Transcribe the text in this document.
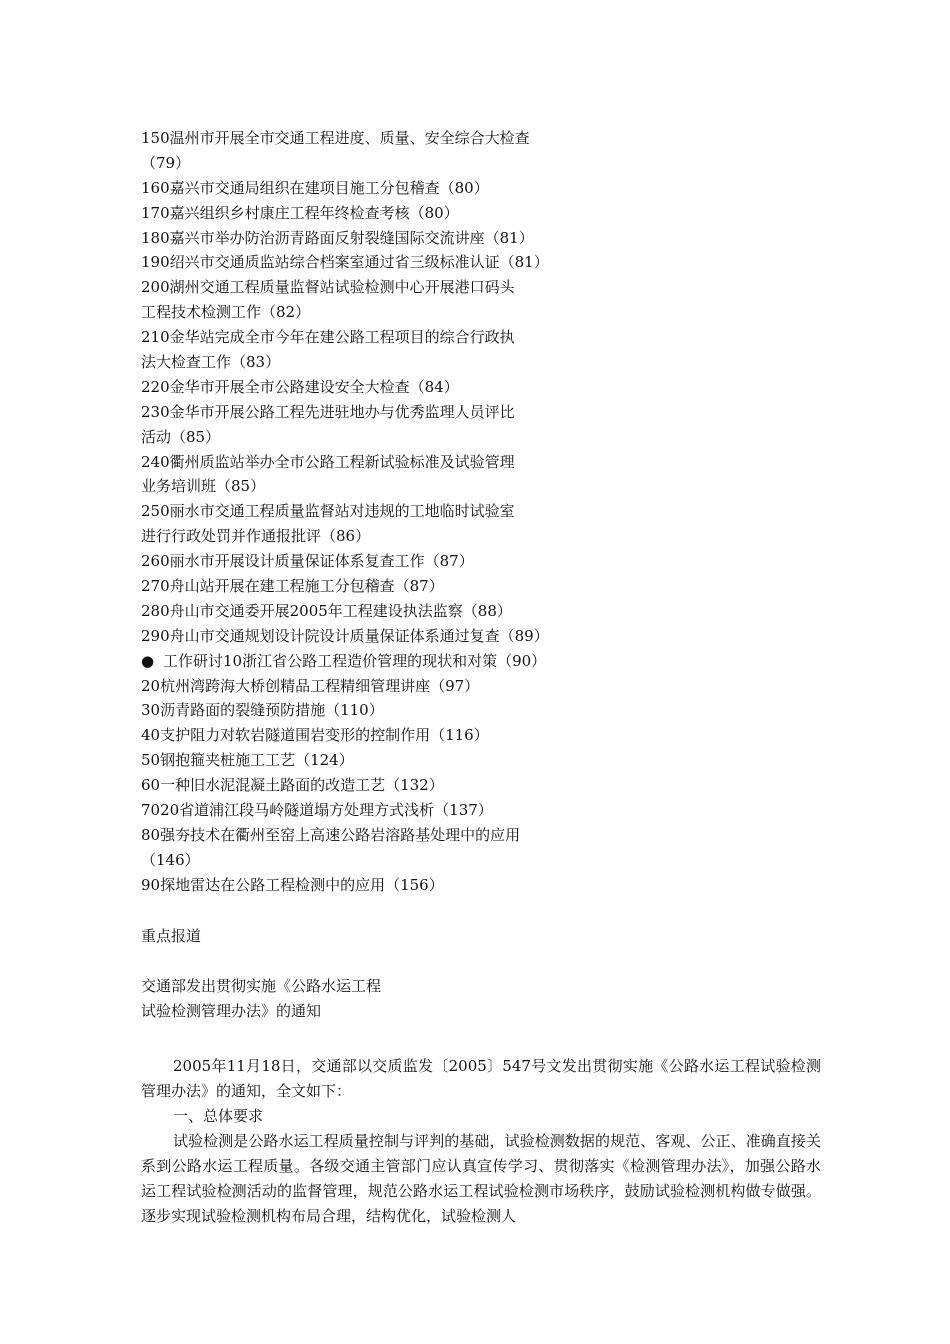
150温州市开展全市交通工程进度、质量、安全综合大检查
（79）
160嘉兴市交通局组织在建项目施工分包稽查（80）
170嘉兴组织乡村康庄工程年终检查考核（80）
180嘉兴市举办防治沥青路面反射裂缝国际交流讲座（81）
190绍兴市交通质监站综合档案室通过省三级标准认证（81）
200湖州交通工程质量监督站试验检测中心开展港口码头
工程技术检测工作（82）
210金华站完成全市今年在建公路工程项目的综合行政执
法大检查工作（83）
220金华市开展全市公路建设安全大检查（84）
230金华市开展公路工程先进驻地办与优秀监理人员评比
活动（85）
240衢州质监站举办全市公路工程新试验标准及试验管理
业务培训班（85）
250丽水市交通工程质量监督站对违规的工地临时试验室
进行行政处罚并作通报批评（86）
260丽水市开展设计质量保证体系复查工作（87）
270舟山站开展在建工程施工分包稽查（87）
280舟山市交通委开展2005年工程建设执法监察（88）
290舟山市交通规划设计院设计质量保证体系通过复查（89）
● 工作研讨10浙江省公路工程造价管理的现状和对策（90）
20杭州湾跨海大桥创精品工程精细管理讲座（97）
30沥青路面的裂缝预防措施（110）
40支护阻力对软岩隧道围岩变形的控制作用（116）
50钢抱箍夹桩施工工艺（124）
60一种旧水泥混凝土路面的改造工艺（132）
7020省道浦江段马岭隧道塌方处理方式浅析（137）
80强夯技术在衢州至窑上高速公路岩溶路基处理中的应用
（146）
90探地雷达在公路工程检测中的应用（156）
重点报道
交通部发出贯彻实施《公路水运工程
试验检测管理办法》的通知

2005年11月18日，交通部以交质监发〔2005〕547号文发出贯彻实施《公路水运工程试验检测管理办法》的通知，全文如下：

一、总体要求

试验检测是公路水运工程质量控制与评判的基础，试验检测数据的规范、客观、公正、准确直接关系到公路水运工程质量。各级交通主管部门应认真宣传学习、贯彻落实《检测管理办法》，加强公路水运工程试验检测活动的监督管理，规范公路水运工程试验检测市场秩序，鼓励试验检测机构做专做强。逐步实现试验检测机构布局合理，结构优化，试验检测人
